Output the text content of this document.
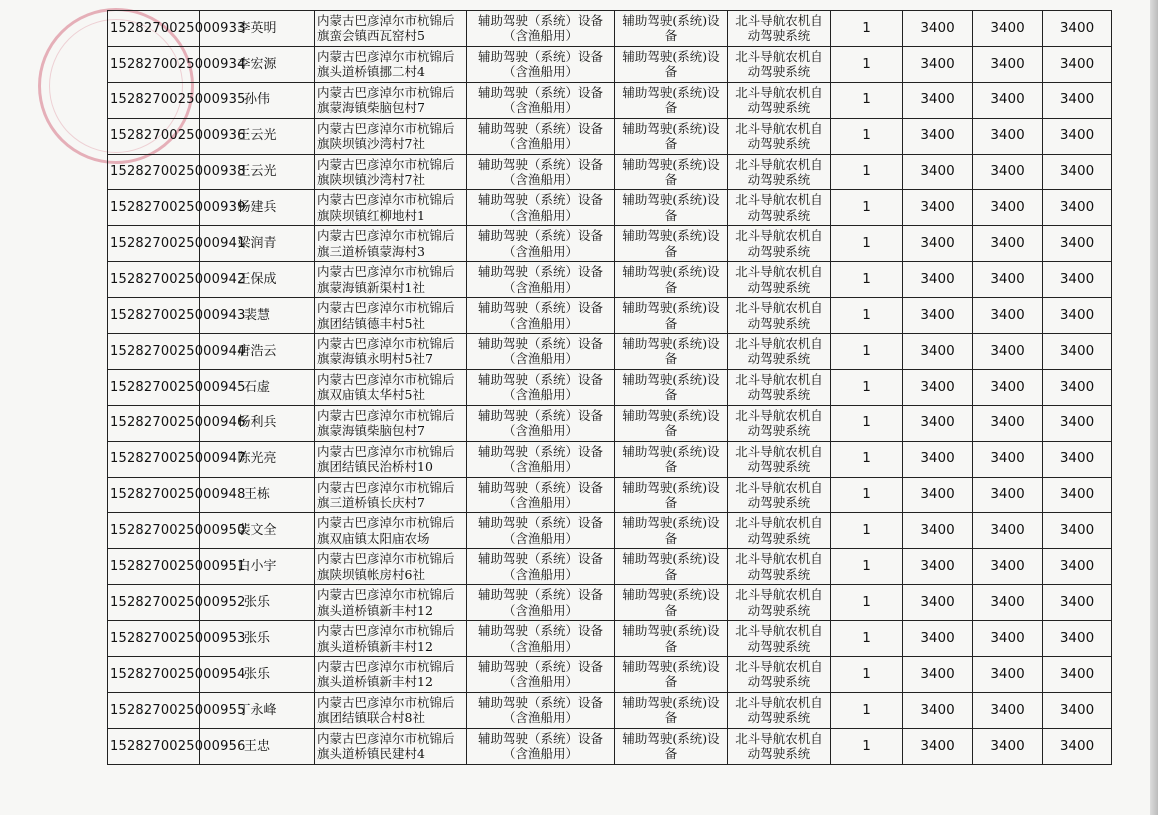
1528270025000933	李英明	内蒙古巴彦淖尔市杭锦后旗蛮会镇西瓦窑村5	辅助驾驶（系统）设备（含渔船用）	辅助驾驶(系统)设备	北斗导航农机自动驾驶系统	1	3400	3400	3400
1528270025000934	李宏源	内蒙古巴彦淖尔市杭锦后旗头道桥镇挪二村4	辅助驾驶（系统）设备（含渔船用）	辅助驾驶(系统)设备	北斗导航农机自动驾驶系统	1	3400	3400	3400
1528270025000935	孙伟	内蒙古巴彦淖尔市杭锦后旗蒙海镇柴脑包村7	辅助驾驶（系统）设备（含渔船用）	辅助驾驶(系统)设备	北斗导航农机自动驾驶系统	1	3400	3400	3400
1528270025000936	王云光	内蒙古巴彦淖尔市杭锦后旗陕坝镇沙湾村7社	辅助驾驶（系统）设备（含渔船用）	辅助驾驶(系统)设备	北斗导航农机自动驾驶系统	1	3400	3400	3400
1528270025000938	王云光	内蒙古巴彦淖尔市杭锦后旗陕坝镇沙湾村7社	辅助驾驶（系统）设备（含渔船用）	辅助驾驶(系统)设备	北斗导航农机自动驾驶系统	1	3400	3400	3400
1528270025000939	杨建兵	内蒙古巴彦淖尔市杭锦后旗陕坝镇红柳地村1	辅助驾驶（系统）设备（含渔船用）	辅助驾驶(系统)设备	北斗导航农机自动驾驶系统	1	3400	3400	3400
1528270025000941	梁润青	内蒙古巴彦淖尔市杭锦后旗三道桥镇蒙海村3	辅助驾驶（系统）设备（含渔船用）	辅助驾驶(系统)设备	北斗导航农机自动驾驶系统	1	3400	3400	3400
1528270025000942	王保成	内蒙古巴彦淖尔市杭锦后旗蒙海镇新渠村1社	辅助驾驶（系统）设备（含渔船用）	辅助驾驶(系统)设备	北斗导航农机自动驾驶系统	1	3400	3400	3400
1528270025000943	裴慧	内蒙古巴彦淖尔市杭锦后旗团结镇德丰村5社	辅助驾驶（系统）设备（含渔船用）	辅助驾驶(系统)设备	北斗导航农机自动驾驶系统	1	3400	3400	3400
1528270025000944	唐浩云	内蒙古巴彦淖尔市杭锦后旗蒙海镇永明村5社7	辅助驾驶（系统）设备（含渔船用）	辅助驾驶(系统)设备	北斗导航农机自动驾驶系统	1	3400	3400	3400
1528270025000945	石虚	内蒙古巴彦淖尔市杭锦后旗双庙镇太华村5社	辅助驾驶（系统）设备（含渔船用）	辅助驾驶(系统)设备	北斗导航农机自动驾驶系统	1	3400	3400	3400
1528270025000946	杨利兵	内蒙古巴彦淖尔市杭锦后旗蒙海镇柴脑包村7	辅助驾驶（系统）设备（含渔船用）	辅助驾驶(系统)设备	北斗导航农机自动驾驶系统	1	3400	3400	3400
1528270025000947	陈光亮	内蒙古巴彦淖尔市杭锦后旗团结镇民治桥村10	辅助驾驶（系统）设备（含渔船用）	辅助驾驶(系统)设备	北斗导航农机自动驾驶系统	1	3400	3400	3400
1528270025000948	王栋	内蒙古巴彦淖尔市杭锦后旗三道桥镇长庆村7	辅助驾驶（系统）设备（含渔船用）	辅助驾驶(系统)设备	北斗导航农机自动驾驶系统	1	3400	3400	3400
1528270025000950	裴文全	内蒙古巴彦淖尔市杭锦后旗双庙镇太阳庙农场	辅助驾驶（系统）设备（含渔船用）	辅助驾驶(系统)设备	北斗导航农机自动驾驶系统	1	3400	3400	3400
1528270025000951	白小宇	内蒙古巴彦淖尔市杭锦后旗陕坝镇帐房村6社	辅助驾驶（系统）设备（含渔船用）	辅助驾驶(系统)设备	北斗导航农机自动驾驶系统	1	3400	3400	3400
1528270025000952	张乐	内蒙古巴彦淖尔市杭锦后旗头道桥镇新丰村12	辅助驾驶（系统）设备（含渔船用）	辅助驾驶(系统)设备	北斗导航农机自动驾驶系统	1	3400	3400	3400
1528270025000953	张乐	内蒙古巴彦淖尔市杭锦后旗头道桥镇新丰村12	辅助驾驶（系统）设备（含渔船用）	辅助驾驶(系统)设备	北斗导航农机自动驾驶系统	1	3400	3400	3400
1528270025000954	张乐	内蒙古巴彦淖尔市杭锦后旗头道桥镇新丰村12	辅助驾驶（系统）设备（含渔船用）	辅助驾驶(系统)设备	北斗导航农机自动驾驶系统	1	3400	3400	3400
1528270025000955	丁永峰	内蒙古巴彦淖尔市杭锦后旗团结镇联合村8社	辅助驾驶（系统）设备（含渔船用）	辅助驾驶(系统)设备	北斗导航农机自动驾驶系统	1	3400	3400	3400
1528270025000956	王忠	内蒙古巴彦淖尔市杭锦后旗头道桥镇民建村4	辅助驾驶（系统）设备（含渔船用）	辅助驾驶(系统)设备	北斗导航农机自动驾驶系统	1	3400	3400	3400
